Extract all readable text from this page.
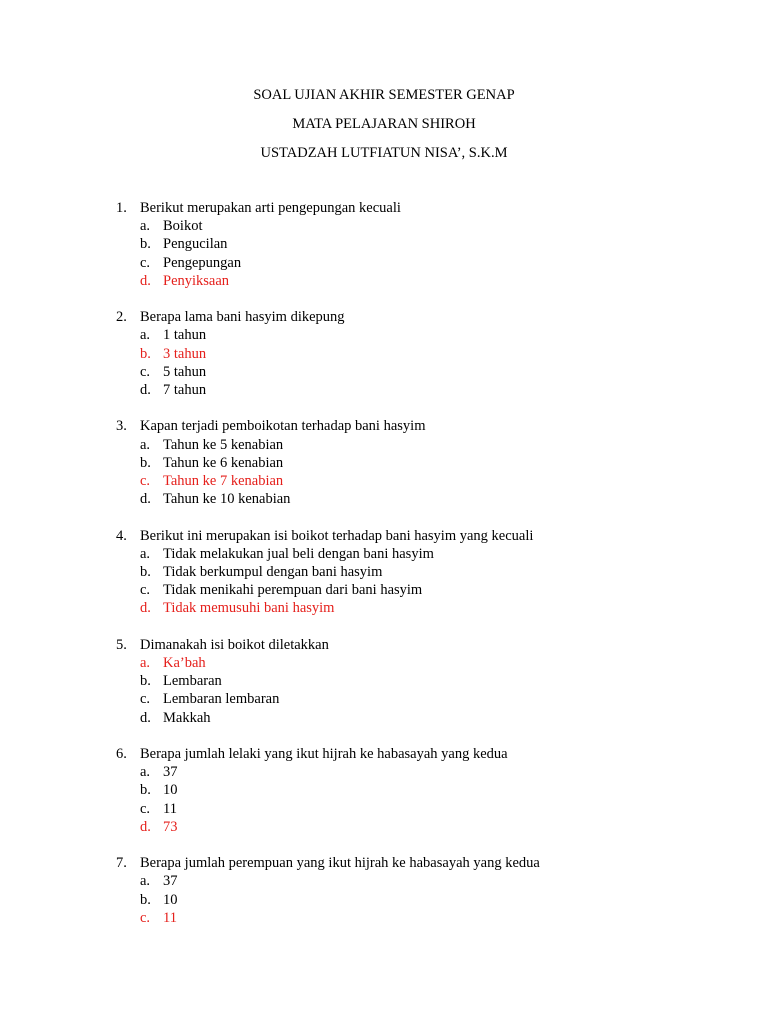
SOAL UJIAN AKHIR SEMESTER GENAP
MATA PELAJARAN SHIROH
USTADZAH LUTFIATUN NISA’, S.K.M
1. Berikut merupakan arti pengepungan kecuali
a. Boikot
b. Pengucilan
c. Pengepungan
d. Penyiksaan
2. Berapa lama bani hasyim dikepung
a. 1 tahun
b. 3 tahun
c. 5 tahun
d. 7 tahun
3. Kapan terjadi pemboikotan terhadap bani hasyim
a. Tahun ke 5 kenabian
b. Tahun ke 6 kenabian
c. Tahun ke 7 kenabian
d. Tahun ke 10 kenabian
4. Berikut ini merupakan isi boikot terhadap bani hasyim yang kecuali
a. Tidak melakukan jual beli dengan bani hasyim
b. Tidak berkumpul dengan bani hasyim
c. Tidak menikahi perempuan dari bani hasyim
d. Tidak memusuhi bani hasyim
5. Dimanakah isi boikot diletakkan
a. Ka’bah
b. Lembaran
c. Lembaran lembaran
d. Makkah
6. Berapa jumlah lelaki yang ikut hijrah ke habasayah yang kedua
a. 37
b. 10
c. 11
d. 73
7. Berapa jumlah perempuan yang ikut hijrah ke habasayah yang kedua
a. 37
b. 10
c. 11
